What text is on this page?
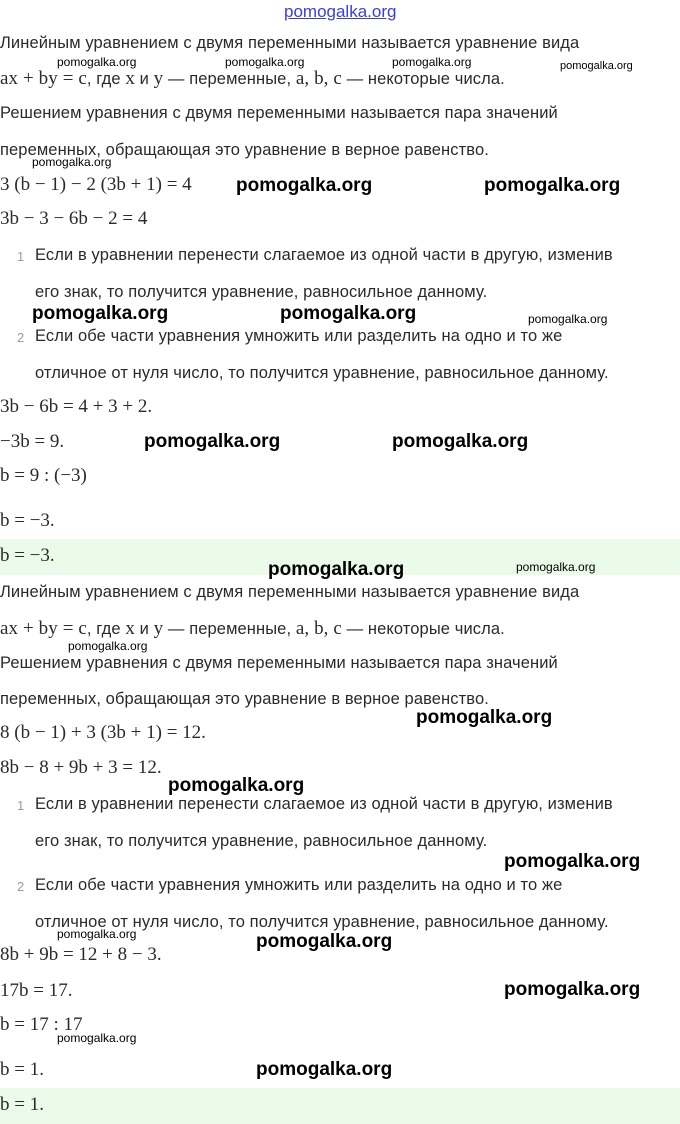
pomogalka.org
Линейным уравнением с двумя переменными называется уравнение вида
ax + by = c, где x и y — переменные, a, b, c — некоторые числа.
Решением уравнения с двумя переменными называется пара значений
переменных, обращающая это уравнение в верное равенство.
3 (b − 1) − 2 (3b + 1) = 4
3b − 3 − 6b − 2 = 4
1 Если в уравнении перенести слагаемое из одной части в другую, изменив
его знак, то получится уравнение, равносильное данному.
2 Если обе части уравнения умножить или разделить на одно и то же
отличное от нуля число, то получится уравнение, равносильное данному.
3b − 6b = 4 + 3 + 2.
−3b = 9.
b = 9 : (−3)
b = −3.
b = −3.
Линейным уравнением с двумя переменными называется уравнение вида
ax + by = c, где x и y — переменные, a, b, c — некоторые числа.
Решением уравнения с двумя переменными называется пара значений
переменных, обращающая это уравнение в верное равенство.
8 (b − 1) + 3 (3b + 1) = 12.
8b − 8 + 9b + 3 = 12.
1 Если в уравнении перенести слагаемое из одной части в другую, изменив
его знак, то получится уравнение, равносильное данному.
2 Если обе части уравнения умножить или разделить на одно и то же
отличное от нуля число, то получится уравнение, равносильное данному.
8b + 9b = 12 + 8 − 3.
17b = 17.
b = 17 : 17
b = 1.
b = 1.
pomogalka.org	pomogalka.org	pomogalka.org	pomogalka.org
pomogalka.org
pomogalka.org	pomogalka.org
pomogalka.org	pomogalka.org	pomogalka.org
pomogalka.org	pomogalka.org
pomogalka.org	pomogalka.org
pomogalka.org
pomogalka.org
pomogalka.org
pomogalka.org
pomogalka.org	pomogalka.org
pomogalka.org
pomogalka.org
pomogalka.org
